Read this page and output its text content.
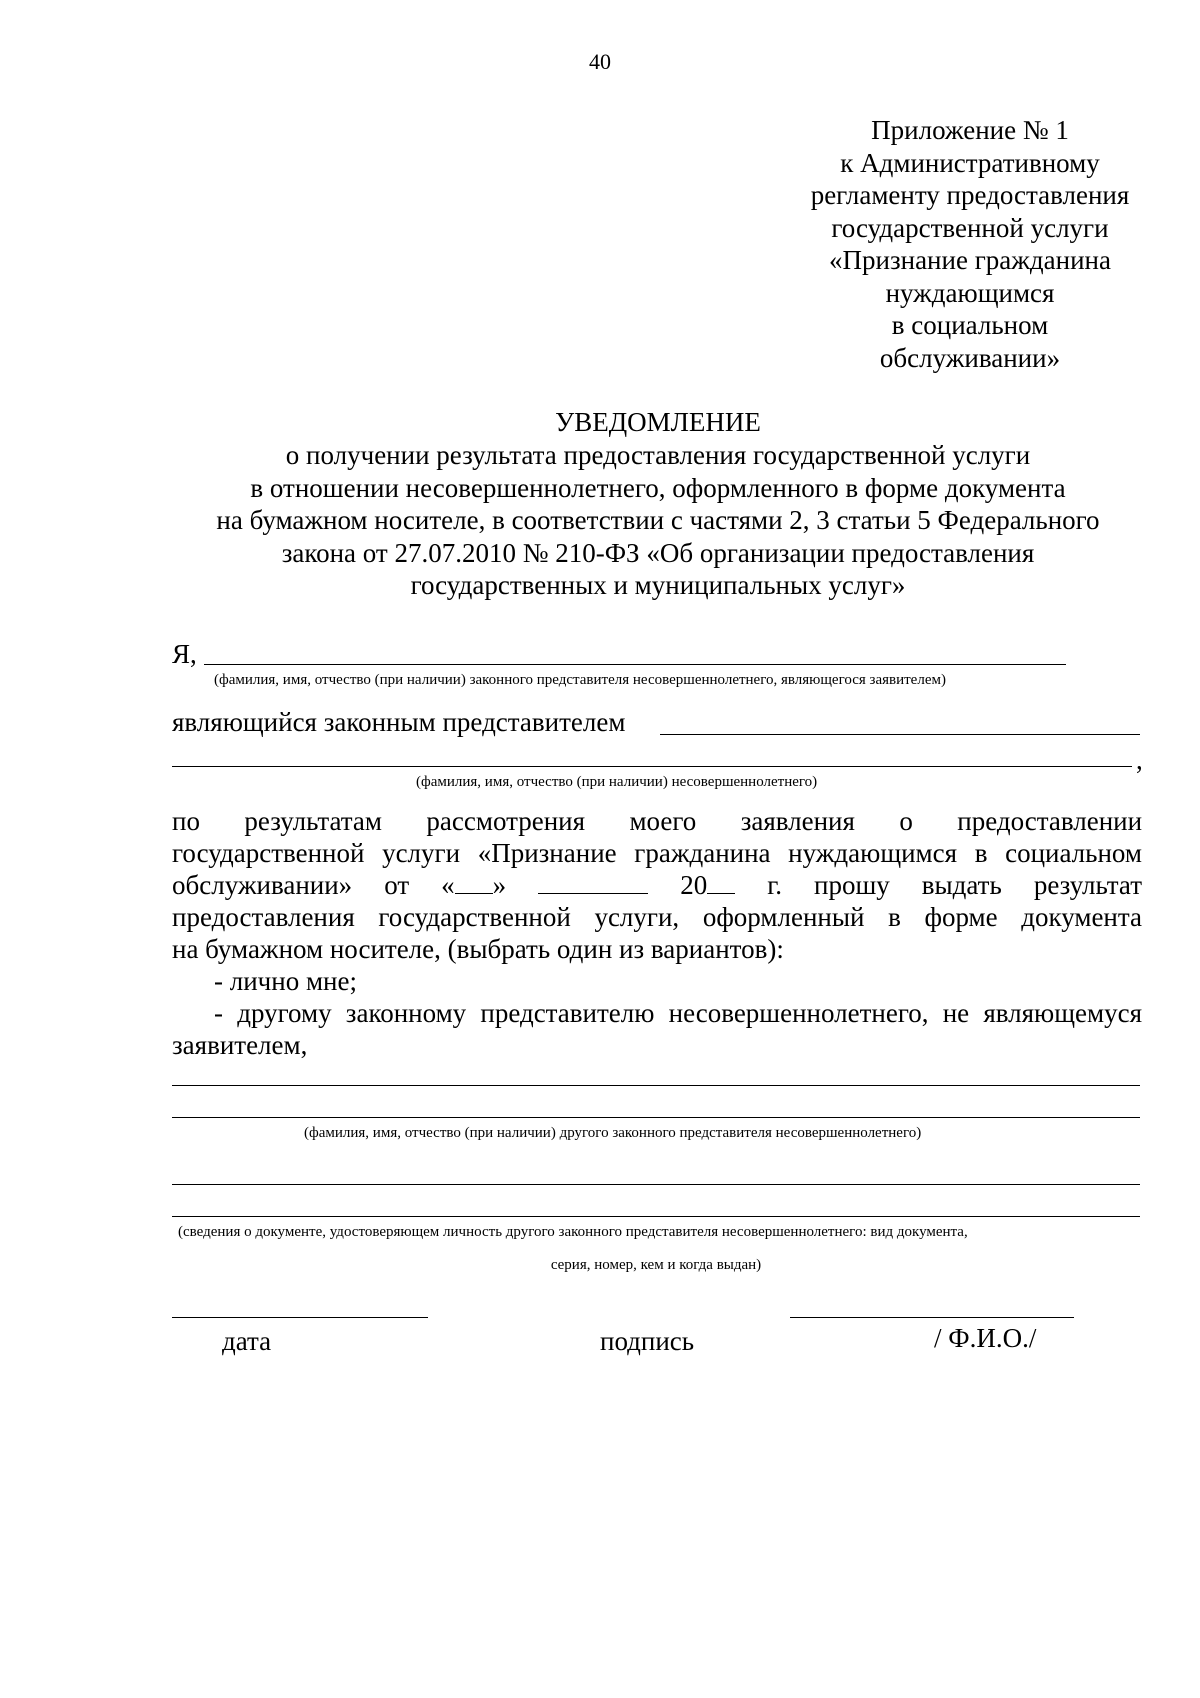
40
Приложение № 1
к Административному
регламенту предоставления
государственной услуги
«Признание гражданина
нуждающимся
в социальном
обслуживании»
УВЕДОМЛЕНИЕ
о получении результата предоставления государственной услуги
в отношении несовершеннолетнего, оформленного в форме документа
на бумажном носителе, в соответствии с частями 2, 3 статьи 5 Федерального
закона от 27.07.2010 № 210-ФЗ «Об организации предоставления
государственных и муниципальных услуг»
Я,
(фамилия, имя, отчество (при наличии) законного представителя несовершеннолетнего, являющегося заявителем)
являющийся законным представителем
,
(фамилия, имя, отчество (при наличии) несовершеннолетнего)
по результатам рассмотрения моего заявления о предоставлении
государственной услуги «Признание гражданина нуждающимся в социальном
обслуживании» от « »	20 г. прошу выдать результат
предоставления государственной услуги, оформленный в форме документа
на бумажном носителе, (выбрать один из вариантов):
- лично мне;
- другому законному представителю несовершеннолетнего, не являющемуся
заявителем,
(фамилия, имя, отчество (при наличии) другого законного представителя несовершеннолетнего)
(сведения о документе, удостоверяющем личность другого законного представителя несовершеннолетнего: вид документа,
серия, номер, кем и когда выдан)
дата	подпись	/ Ф.И.О./
